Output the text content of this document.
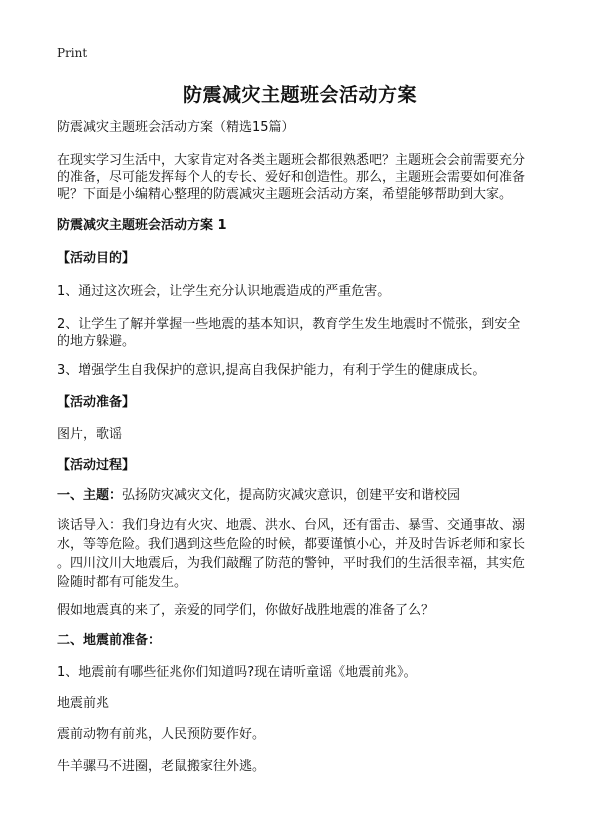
Print
防震减灾主题班会活动方案

防震减灾主题班会活动方案（精选15篇）

在现实学习生活中，大家肯定对各类主题班会都很熟悉吧？主题班会会前需要充分

的准备，尽可能发挥每个人的专长、爱好和创造性。那么，主题班会需要如何准备

呢？下面是小编精心整理的防震减灾主题班会活动方案，希望能够帮助到大家。

防震减灾主题班会活动方案 1

【活动目的】

1、通过这次班会，让学生充分认识地震造成的严重危害。

2、让学生了解并掌握一些地震的基本知识，教育学生发生地震时不慌张，到安全

的地方躲避。

3、增强学生自我保护的意识,提高自我保护能力，有利于学生的健康成长。

【活动准备】

图片，歌谣

【活动过程】

一、主题：弘扬防灾减灾文化，提高防灾减灾意识，创建平安和谐校园

谈话导入：我们身边有火灾、地震、洪水、台风，还有雷击、暴雪、交通事故、溺

水，等等危险。我们遇到这些危险的时候，都要谨慎小心，并及时告诉老师和家长

。四川汶川大地震后，为我们敲醒了防范的警钟，平时我们的生活很幸福，其实危

险随时都有可能发生。

假如地震真的来了，亲爱的同学们，你做好战胜地震的准备了么？

二、地震前准备：

1、地震前有哪些征兆你们知道吗?现在请听童谣《地震前兆》。

地震前兆

震前动物有前兆，人民预防要作好。

牛羊骡马不进圈，老鼠搬家往外逃。
